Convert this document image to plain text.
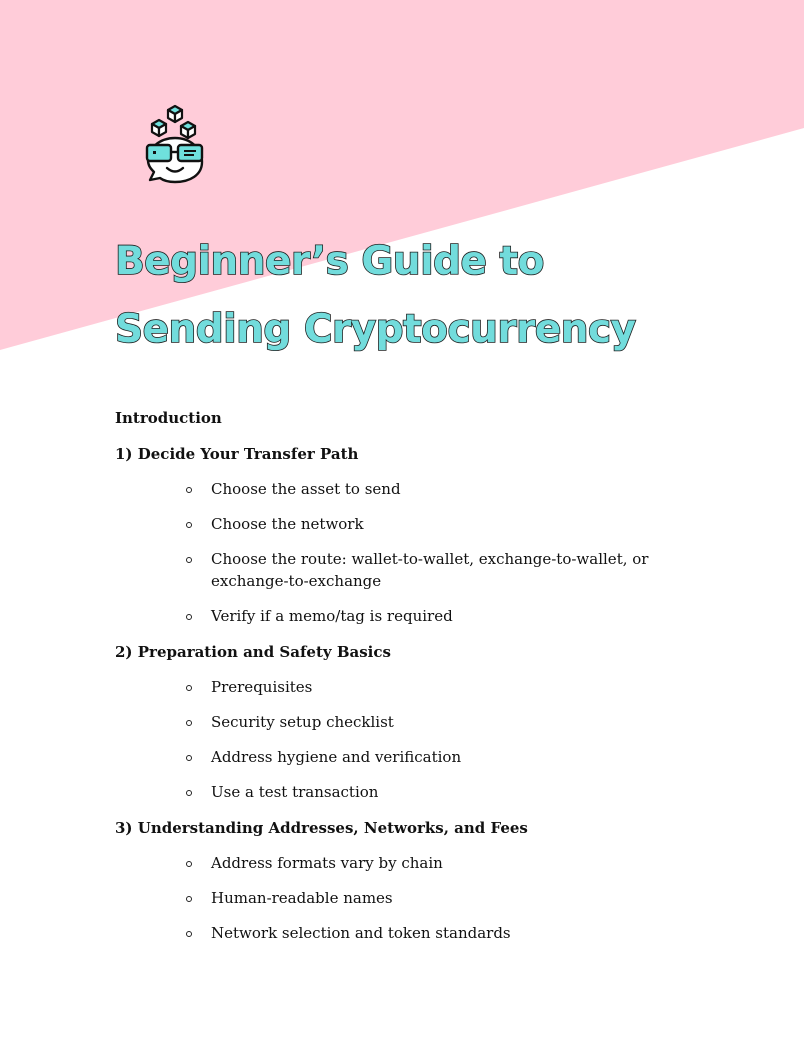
Beginner’s Guide to
Sending Cryptocurrency

Introduction

1) Decide Your Transfer Path

Choose the asset to send
Choose the network
Choose the route: wallet-to-wallet, exchange-to-wallet, or exchange-to-exchange
Verify if a memo/tag is required

2) Preparation and Safety Basics

Prerequisites
Security setup checklist
Address hygiene and verification
Use a test transaction

3) Understanding Addresses, Networks, and Fees

Address formats vary by chain
Human-readable names
Network selection and token standards
